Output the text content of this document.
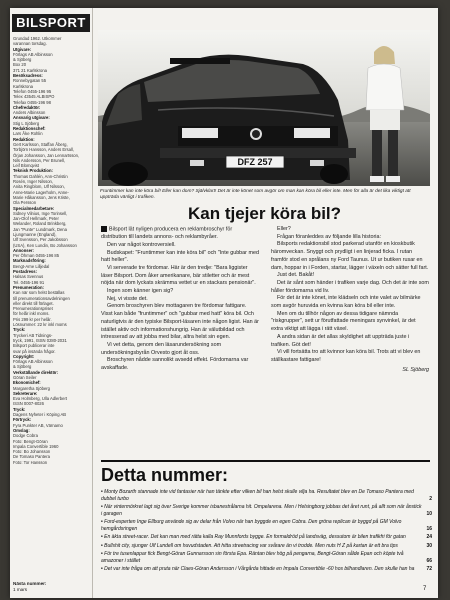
BILSPORT
Grundad 1962. Utkommer
varannan torsdag.
Utgivare:
Förlags AB Albinsson
& Sjöberg
Box 20
371 21 Karlskrona
Besöksadress:
Ronnebygatan 55
Karlskrona
Telefon 0455-196 95
Telex 43545 ALBISPO
Telefax 0455-196 98
Chefredaktör:
Anders Albinsson
Ansvarig utgivare:
Stig L Sjöberg
Redaktionschef:
Lars Åke Rohlin
Redaktion:
Gert Karlsson, Staffan Åberg,
Torbjörn Hansson, Anders Ersall,
Örjan Johansson, Jan Lennartsson,
Nils Andersson, Per Brunell,
Leif Blomqvist
Teknisk Produktion:
Thomas Dahlén, Ann-Christin
Rosén, Inger Nilsson,
Anita Ringblom, Ulf Nilsson,
Anne-Marie Lagerholm, Anne-
Marie Håkansson, Jens Kriste,
Ola Persson
Specialmedarbetare:
Sidney Vilnius, Inge Torinsell,
Jan-Olof Hellmark, Peter
Welander, Roland Brinkberg,
Jan "Punte" Lundmark, Dena
Ljungmanne (England),
Ulf Svensson, Per Jakobsson
(USA), Ken Lundin, Bo Johansson
Annonser:
Per Öhman 0455-196 85
Marknadsföring:
Bengt-Arne Lilljedal
Postadress:
Halsas Svennus
Tel. 0455-196 91
Prenumeration:
Kan när som helst beställas
till prenumerationsavdelningen
eller direkt till förlaget.
Prenumerationspriset
för helår inkl moms.
Pris 299 kr per helår.
Lösnummer: 22 kr inkl moms
Tryck:
Tryckeri AB Tidnings-
tryck, 1991, ISSN 0280-2031
Bilsport publicerar inte
svar på insända frågor.
Copyright:
Förlags AB Albinsson
& Sjöberg
Verkställande direktör:
Göran Seiler
Ekonomichef:
Margaretha Sjöberg
Sekreterare:
Eva Holmberg, Ulla Adlerbert
ISSN 0007-8026
Tryck:
Dagens Nyheter i Köping AB
Förtryck:
Fyra Punkter AB, Värnamo
Omslag:
Dodge Cobra
Foto: Bengt-Göran
Impala Convertible 1960
Foto: Bo Johansson
De Tomaso Pantera
Foto: Tor Hansson
Nästa nummer:
1 mars
DFZ 257
Fruntimmer kan inte köra bil! Eller kan dom? Självklart! Det är inte könet som avgör om man kan köra bil eller inte. Men för alla är det lika viktigt att uppträda vänligt i trafiken.
Kan tjejer köra bil?

Bilsport lät nyligen producera en reklambroschyr för distribution till landets annons- och reklambyråer.

Den var något kontroversiell.

Budskapet: "Fruntimmer kan inte köra bil" och "Inte gubbar med hatt heller".

Vi serverade tre fördomar. Här är den tredje: "Bara liggister läser Bilsport. Dom åker amerikanare, bär stiletter och är mest nöjda när dom lyckats skrämma vettet ur en stackars pensionär".

Ingen som känner igen sig?

Nej, vi visste det.

Genom broschyren blev mottagaren tre fördomar fattigare. Visst kan både "fruntimmer" och "gubbar med hatt" köra bil. Och naturligtvis är den typiske Bilsport-läsaren inte någon ligist. Han är istället aktiv och informationshungrig. Han är välutbildad och intresserad av att jobba med bilar, altra helst sin egen.

Vi vet detta, genom den läsarundersökning som undersökningsbyrån Orvesto gjort åt oss.

Broschyren nådde sannolikt avsedd effekt. Fördomarna var avskaffade.

Eller?

Frågan föranleddes av följande lilla historia:

Bilsports redaktionsbil stod parkerad utanför en kioskbutik häromveckan. Snyggt och prydligt i en linjerad ficka. I rutan framför stod en språlans ny Ford Taunus. Ut ur butiken rusar en dam, hoppar in i Forden, startar, lägger i växeln och sätter full fart.

Just det. Bakåt!

Det är sånt som händer i trafiken varje dag. Och det är inte som håller fördomarna vid liv.

För det är inte könet, inte klädseln och inte valet av bilmärke som avgör huruvida en kvinna kan köra bil eller inte.

Men om du tillhör någon av dessa tidigare nämnda "riskgrupper", sett ur förutfattade meningars synvinkel, är det extra viktigt att lägga i rätt växel.

A andra sidan är det allas skyldighet att uppträda juste i trafiken. Göt det!

Vi vill fortsätta tro att kvinnor kan köra bil. Trots att vi blev en ställkastare fattigare!

SL Sjöberg
Detta nummer:
• Monty Bozarth stannade inte vid fantasier när han tänkte efter vilken bil han helst skulle vilja ha. Resultatet blev en De Tomaso Pantera med dubbel turbo	2
• När vintermörkret lagt sig över Sverige kommer isbanestrålarna hit. Ompelarena. Men i Helsingborg jobbas det året runt, på allt som när ånstick i garagen	10
• Ford-experten Inge Ellburg använde sig av delar från Volvo när han byggde en egen Cobra. Den gröna replican är byggd på GM Volvo hemgårdsringen	16
• En äkta street-racer. Det kan man med rätta kalla Ray Munnfords bygge. En formaldröd på landsväg, dessutom är bilen trafikfri för gatan	24
• Bullshit city, sjunger Ulf Lundell om huvudstaden. Att hitta streetracing var svårare än vi trodde. Men nuts H Z på kartan är ett bra tips	30
• För tre tusenlappar fick Bengt-Göran Gunnarsson sin första Epa. Räntan blev hög på pengarna, Bengt-Göran sålde Epan och köpte två amazoner i stället	66
• Det var inte fråga om att pruta när Claes-Göran Andersson i Vårgårda hittade en Impala Convertible -60 hos bilhandlaren. Den skulle han ha	72
7
